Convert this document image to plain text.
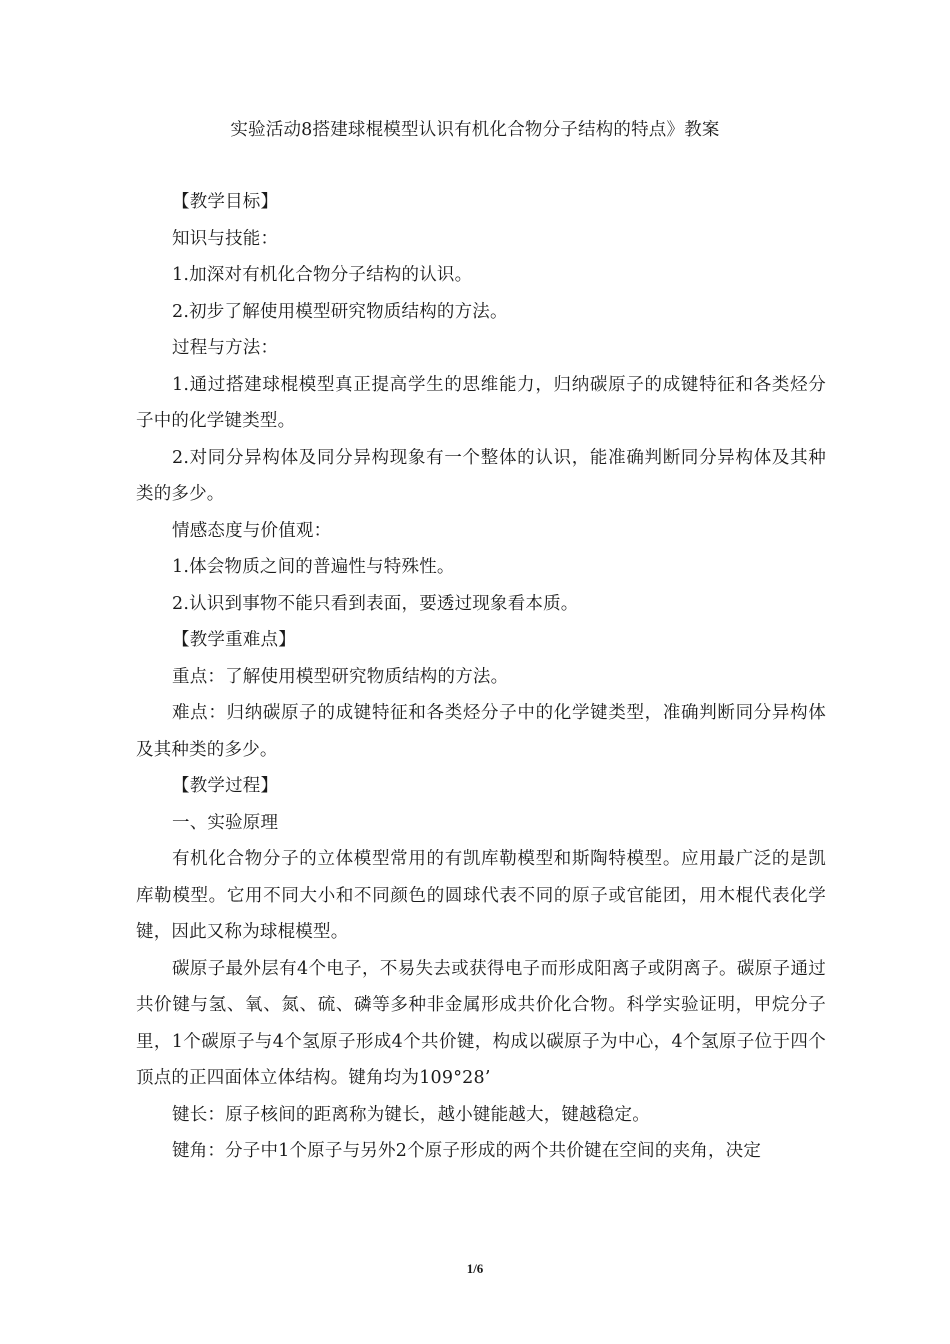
实验活动8搭建球棍模型认识有机化合物分子结构的特点》教案

【教学目标】

知识与技能：

1.加深对有机化合物分子结构的认识。

2.初步了解使用模型研究物质结构的方法。

过程与方法：

1.通过搭建球棍模型真正提高学生的思维能力，归纳碳原子的成键特征和各类烃分子中的化学键类型。

2.对同分异构体及同分异构现象有一个整体的认识，能准确判断同分异构体及其种类的多少。

情感态度与价值观：

1.体会物质之间的普遍性与特殊性。

2.认识到事物不能只看到表面，要透过现象看本质。

【教学重难点】

重点：了解使用模型研究物质结构的方法。

难点：归纳碳原子的成键特征和各类烃分子中的化学键类型，准确判断同分异构体及其种类的多少。

【教学过程】

一、实验原理

有机化合物分子的立体模型常用的有凯库勒模型和斯陶特模型。应用最广泛的是凯库勒模型。它用不同大小和不同颜色的圆球代表不同的原子或官能团，用木棍代表化学键，因此又称为球棍模型。

碳原子最外层有4个电子，不易失去或获得电子而形成阳离子或阴离子。碳原子通过共价键与氢、氧、氮、硫、磷等多种非金属形成共价化合物。科学实验证明，甲烷分子里，1个碳原子与4个氢原子形成4个共价键，构成以碳原子为中心，4个氢原子位于四个顶点的正四面体立体结构。键角均为109°28’

键长：原子核间的距离称为键长，越小键能越大，键越稳定。

键角：分子中1个原子与另外2个原子形成的两个共价键在空间的夹角，决定

1/6
